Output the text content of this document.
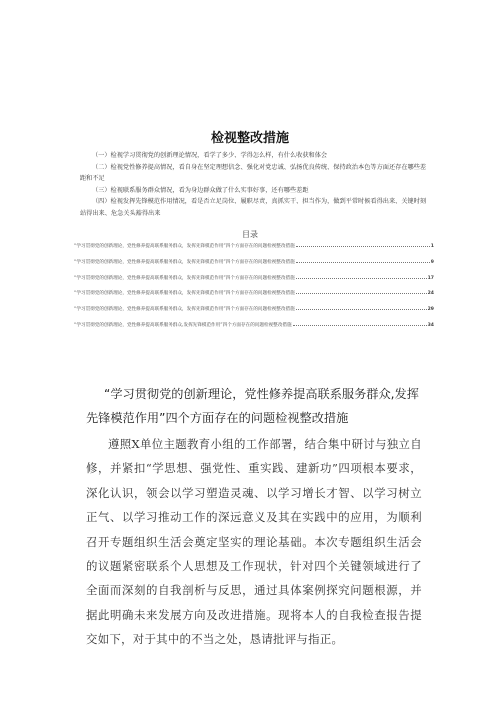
检视整改措施

（一）检视学习贯彻党的创新理论情况，看学了多少、学得怎么样，有什么收获和体会

（二）检视党性修养提高情况，看自身在坚定理想信念、强化对党忠诚、弘扬优良传统、保持政治本色等方面还存在哪些差距和不足

（三）检视联系服务群众情况，看为身边群众做了什么实事好事，还有哪些差距

（四）检视发挥先锋模范作用情况，看是否立足岗位、履职尽责，真抓实干、担当作为，做到平常时候看得出来、关键时刻站得出来、危急关头豁得出来

目录
“学习贯彻党的创新理论，党性修养提高联系服务群众，发挥先锋模范作用”四个方面存在的问题检视整改措施	1
“学习贯彻党的创新理论，党性修养提高联系服务群众，发挥先锋模范作用”四个方面存在的问题检视整改措施	9
“学习贯彻党的创新理论，党性修养提高联系服务群众，发挥先锋模范作用”四个方面存在的问题检视整改措施	17
“学习贯彻党的创新理论，党性修养提高联系服务群众，发挥先锋模范作用”四个方面存在的问题检视整改措施	24
“学习贯彻党的创新理论，党性修养提高联系服务群众，发挥先锋模范作用”四个方面存在的问题检视整改措施	29
“学习贯彻党的创新理论，党性修养提高联系服务群众,发挥先锋模范作用”四个方面存在的问题检视整改措施	34
“学习贯彻党的创新理论，党性修养提高联系服务群众,发挥先锋模范作用”四个方面存在的问题检视整改措施
遵照X单位主题教育小组的工作部署，结合集中研讨与独立自修，并紧扣“学思想、强党性、重实践、建新功”四项根本要求，深化认识，领会以学习塑造灵魂、以学习增长才智、以学习树立正气、以学习推动工作的深远意义及其在实践中的应用，为顺利召开专题组织生活会奠定坚实的理论基础。本次专题组织生活会的议题紧密联系个人思想及工作现状，针对四个关键领域进行了全面而深刻的自我剖析与反思，通过具体案例探究问题根源，并据此明确未来发展方向及改进措施。现将本人的自我检查报告提交如下，对于其中的不当之处，恳请批评与指正。
